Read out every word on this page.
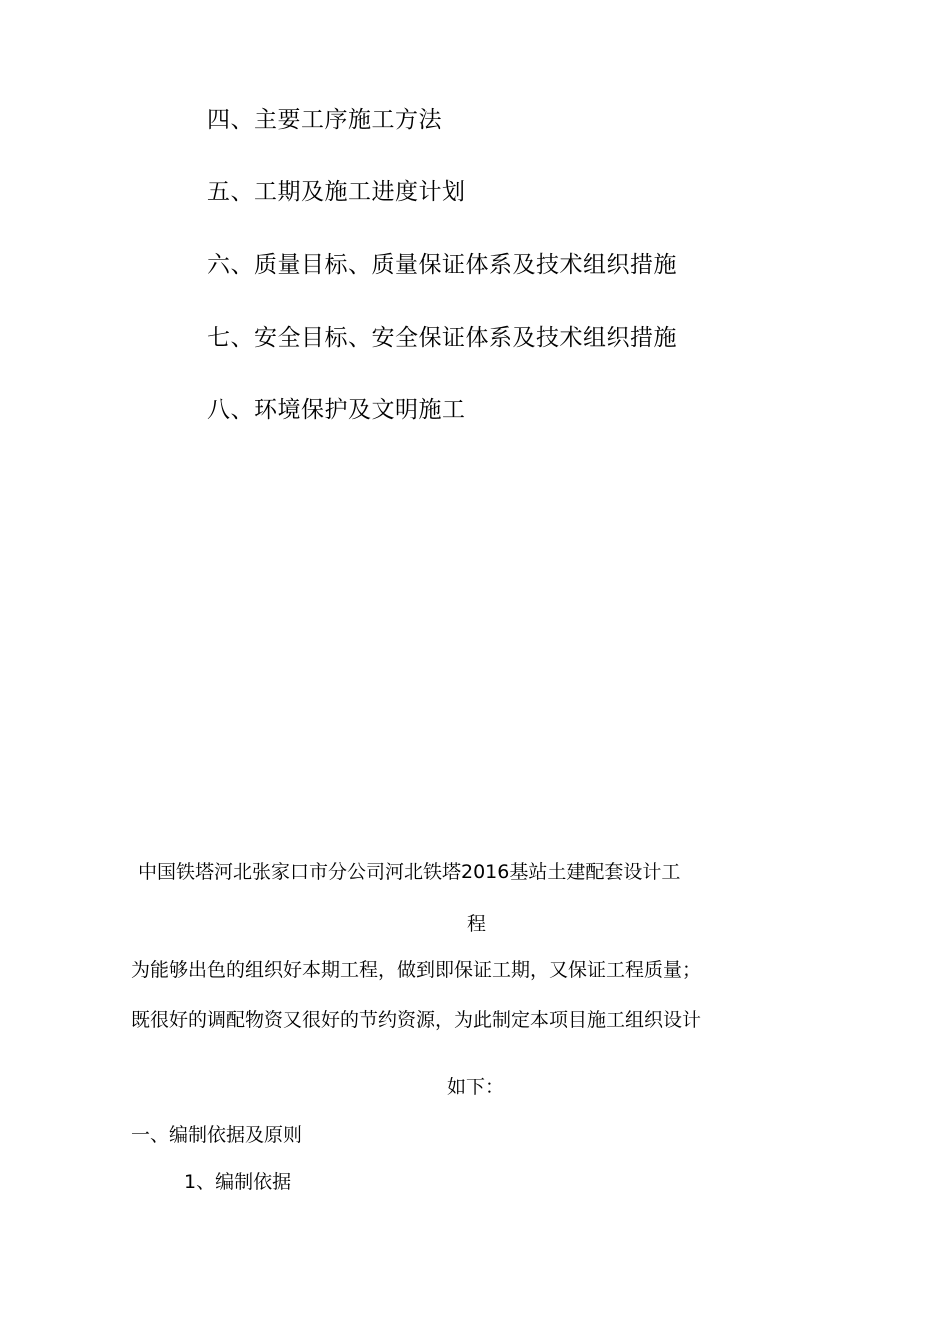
四、主要工序施工方法
五、工期及施工进度计划
六、质量目标、质量保证体系及技术组织措施
七、安全目标、安全保证体系及技术组织措施
八、环境保护及文明施工
中国铁塔河北张家口市分公司河北铁塔2016基站土建配套设计工
程
为能够出色的组织好本期工程，做到即保证工期，又保证工程质量；
既很好的调配物资又很好的节约资源，为此制定本项目施工组织设计
如下：
一、编制依据及原则
1、编制依据
